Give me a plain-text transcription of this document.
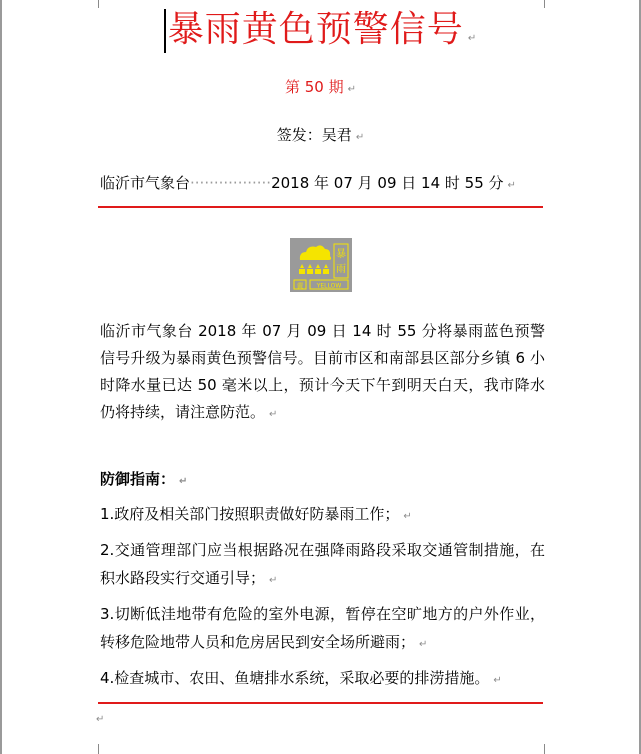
暴雨黄色预警信号 ↵
第 50 期 ↵
签发：吴君 ↵
临沂市气象台·················2018 年 07 月 09 日 14 时 55 分 ↵
暴
雨
黄 YELLOW
临沂市气象台 2018 年 07 月 09 日 14 时 55 分将暴雨蓝色预警信号升级为暴雨黄色预警信号。目前市区和南部县区部分乡镇 6 小时降水量已达 50 毫米以上，预计今天下午到明天白天，我市降水仍将持续，请注意防范。 ↵
防御指南： ↵
1.政府及相关部门按照职责做好防暴雨工作； ↵
2.交通管理部门应当根据路况在强降雨路段采取交通管制措施，在积水路段实行交通引导； ↵
3.切断低洼地带有危险的室外电源，暂停在空旷地方的户外作业，转移危险地带人员和危房居民到安全场所避雨； ↵
4.检查城市、农田、鱼塘排水系统，采取必要的排涝措施。 ↵
↵
